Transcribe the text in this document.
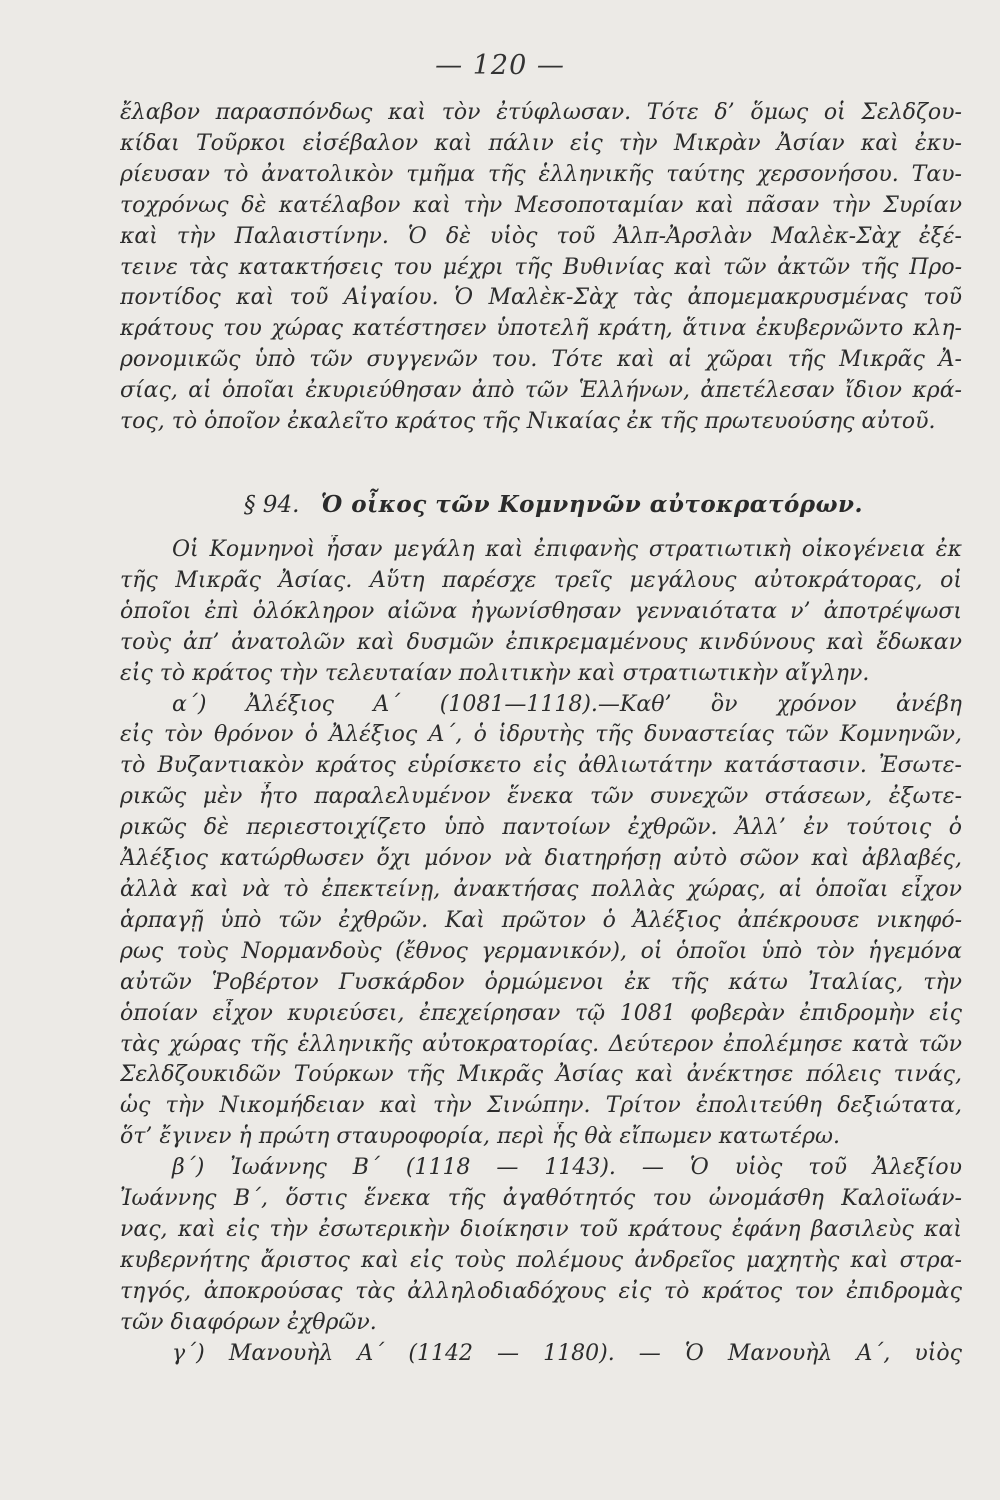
— 120 —
ἔλαβον παρασπόνδως καὶ τὸν ἐτύφλωσαν. Τότε δ’ ὅμως οἱ Σελδζου-
κίδαι Τοῦρκοι εἰσέβαλον καὶ πάλιν εἰς τὴν Μικρὰν Ἀσίαν καὶ ἐκυ-
ρίευσαν τὸ ἀνατολικὸν τμῆμα τῆς ἑλληνικῆς ταύτης χερσονήσου. Ταυ-
τοχρόνως δὲ κατέλαβον καὶ τὴν Μεσοποταμίαν καὶ πᾶσαν τὴν Συρίαν
καὶ τὴν Παλαιστίνην. Ὁ δὲ υἱὸς τοῦ Ἀλπ-Ἀρσλὰν Μαλὲκ-Σὰχ ἐξέ-
τεινε τὰς κατακτήσεις του μέχρι τῆς Βυθινίας καὶ τῶν ἀκτῶν τῆς Προ-
ποντίδος καὶ τοῦ Αἰγαίου. Ὁ Μαλὲκ-Σὰχ τὰς ἀπομεμακρυσμένας τοῦ
κράτους του χώρας κατέστησεν ὑποτελῆ κράτη, ἅτινα ἐκυβερνῶντο κλη-
ρονομικῶς ὑπὸ τῶν συγγενῶν του. Τότε καὶ αἱ χῶραι τῆς Μικρᾶς Ἀ-
σίας, αἱ ὁποῖαι ἐκυριεύθησαν ἀπὸ τῶν Ἑλλήνων, ἀπετέλεσαν ἴδιον κρά-
τος, τὸ ὁποῖον ἐκαλεῖτο κράτος τῆς Νικαίας ἐκ τῆς πρωτευούσης αὐτοῦ.
§ 94. Ὁ οἶκος τῶν Κομνηνῶν αὐτοκρατόρων.
Οἱ Κομνηνοὶ ἦσαν μεγάλη καὶ ἐπιφανὴς στρατιωτικὴ οἰκογένεια ἐκ
τῆς Μικρᾶς Ἀσίας. Αὕτη παρέσχε τρεῖς μεγάλους αὐτοκράτορας, οἱ
ὁποῖοι ἐπὶ ὁλόκληρον αἰῶνα ἠγωνίσθησαν γενναιότατα ν’ ἀποτρέψωσι
τοὺς ἀπ’ ἀνατολῶν καὶ δυσμῶν ἐπικρεμαμένους κινδύνους καὶ ἔδωκαν
εἰς τὸ κράτος τὴν τελευταίαν πολιτικὴν καὶ στρατιωτικὴν αἴγλην.
α΄) Ἀλέξιος Α΄ (1081—1118).—Καθ’ ὃν χρόνον ἀνέβη
εἰς τὸν θρόνον ὁ Ἀλέξιος Α΄, ὁ ἱδρυτὴς τῆς δυναστείας τῶν Κομνηνῶν,
τὸ Βυζαντιακὸν κράτος εὑρίσκετο εἰς ἀθλιωτάτην κατάστασιν. Ἐσωτε-
ρικῶς μὲν ἦτο παραλελυμένον ἕνεκα τῶν συνεχῶν στάσεων, ἐξωτε-
ρικῶς δὲ περιεστοιχίζετο ὑπὸ παντοίων ἐχθρῶν. Ἀλλ’ ἐν τούτοις ὁ
Ἀλέξιος κατώρθωσεν ὄχι μόνον νὰ διατηρήσῃ αὐτὸ σῶον καὶ ἀβλαβές,
ἀλλὰ καὶ νὰ τὸ ἐπεκτείνῃ, ἀνακτήσας πολλὰς χώρας, αἱ ὁποῖαι εἶχον
ἁρπαγῇ ὑπὸ τῶν ἐχθρῶν. Καὶ πρῶτον ὁ Ἀλέξιος ἀπέκρουσε νικηφό-
ρως τοὺς Νορμανδοὺς (ἔθνος γερμανικόν), οἱ ὁποῖοι ὑπὸ τὸν ἡγεμόνα
αὐτῶν Ῥοβέρτον Γυσκάρδον ὁρμώμενοι ἐκ τῆς κάτω Ἰταλίας, τὴν
ὁποίαν εἶχον κυριεύσει, ἐπεχείρησαν τῷ 1081 φοβερὰν ἐπιδρομὴν εἰς
τὰς χώρας τῆς ἑλληνικῆς αὐτοκρατορίας. Δεύτερον ἐπολέμησε κατὰ τῶν
Σελδζουκιδῶν Τούρκων τῆς Μικρᾶς Ἀσίας καὶ ἀνέκτησε πόλεις τινάς,
ὡς τὴν Νικομήδειαν καὶ τὴν Σινώπην. Τρίτον ἐπολιτεύθη δεξιώτατα,
ὅτ’ ἔγινεν ἡ πρώτη σταυροφορία, περὶ ἧς θὰ εἴπωμεν κατωτέρω.
β΄) Ἰωάννης Β΄ (1118 — 1143). — Ὁ υἱὸς τοῦ Ἀλεξίου
Ἰωάννης Β΄, ὅστις ἕνεκα τῆς ἀγαθότητός του ὠνομάσθη Καλοϊωάν-
νας, καὶ εἰς τὴν ἐσωτερικὴν διοίκησιν τοῦ κράτους ἐφάνη βασιλεὺς καὶ
κυβερνήτης ἄριστος καὶ εἰς τοὺς πολέμους ἀνδρεῖος μαχητὴς καὶ στρα-
τηγός, ἀποκρούσας τὰς ἀλληλοδιαδόχους εἰς τὸ κράτος τον ἐπιδρομὰς
τῶν διαφόρων ἐχθρῶν.
γ΄) Μανουὴλ Α΄ (1142 — 1180). — Ὁ Μανουὴλ Α΄, υἱὸς
